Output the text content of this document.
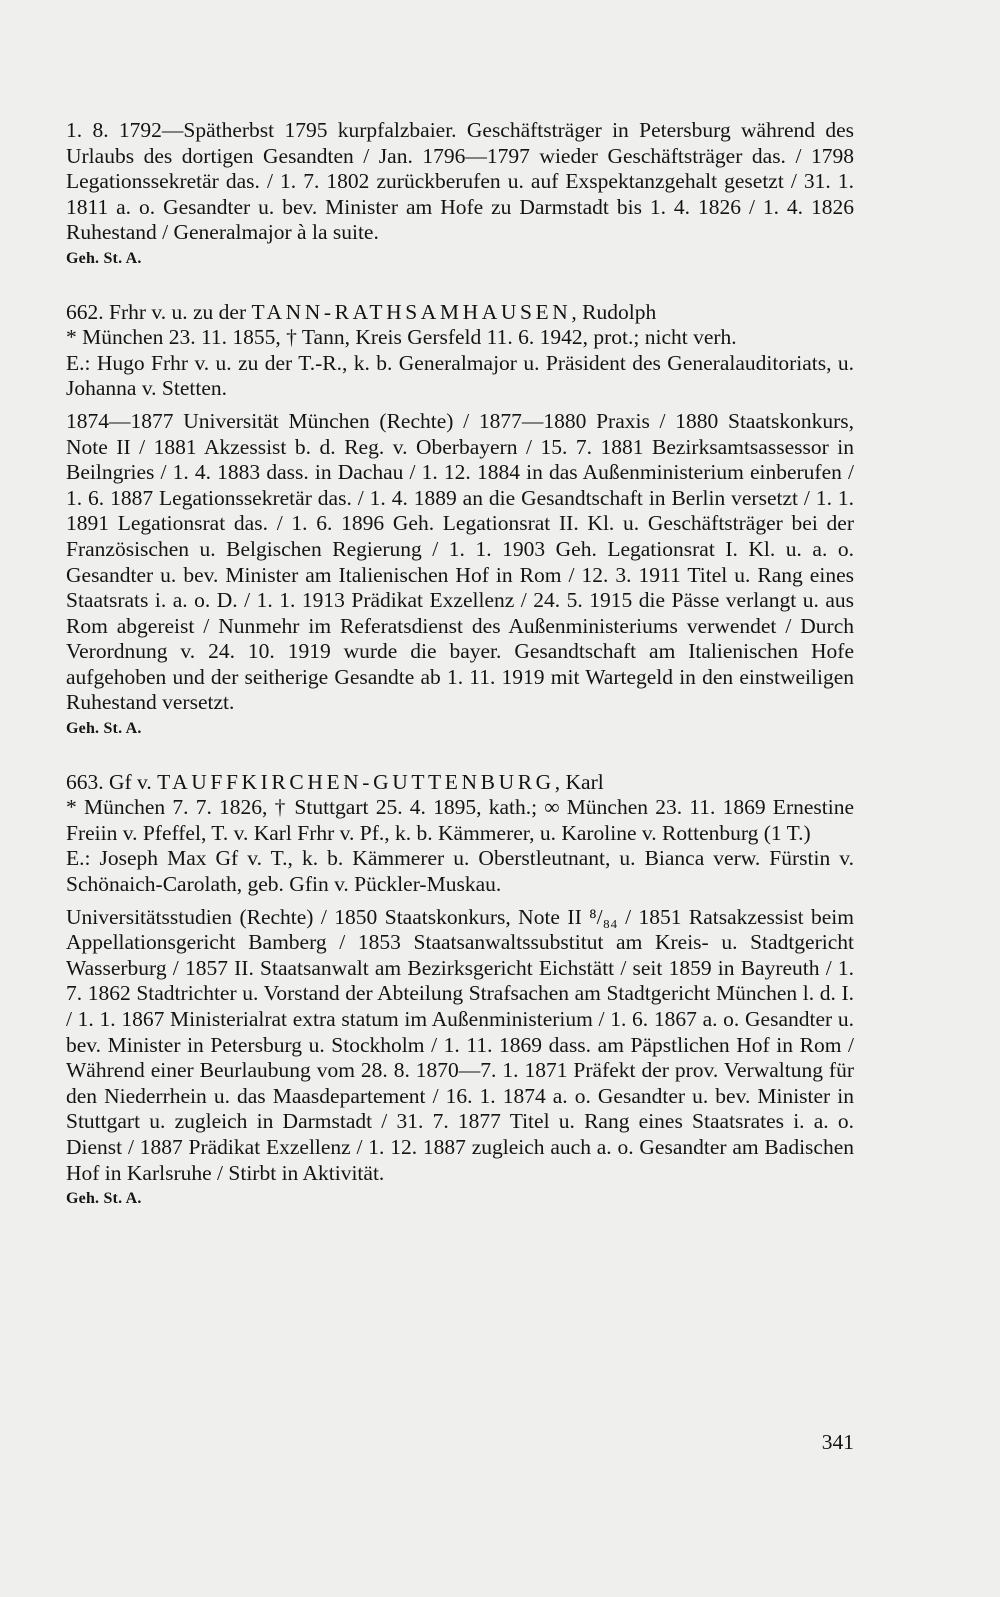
1. 8. 1792—Spätherbst 1795 kurpfalzbaier. Geschäftsträger in Petersburg während des Urlaubs des dortigen Gesandten / Jan. 1796—1797 wieder Geschäftsträger das. / 1798 Legationssekretär das. / 1. 7. 1802 zurückberufen u. auf Exspektanzgehalt gesetzt / 31. 1. 1811 a. o. Gesandter u. bev. Minister am Hofe zu Darmstadt bis 1. 4. 1826 / 1. 4. 1826 Ruhestand / Generalmajor à la suite.

Geh. St. A.

662. Frhr v. u. zu der TANN-RATHSAMHAUSEN, Rudolph

* München 23. 11. 1855, † Tann, Kreis Gersfeld 11. 6. 1942, prot.; nicht verh.

E.: Hugo Frhr v. u. zu der T.-R., k. b. Generalmajor u. Präsident des Generalauditoriats, u. Johanna v. Stetten.

1874—1877 Universität München (Rechte) / 1877—1880 Praxis / 1880 Staatskonkurs, Note II / 1881 Akzessist b. d. Reg. v. Oberbayern / 15. 7. 1881 Bezirksamtsassessor in Beilngries / 1. 4. 1883 dass. in Dachau / 1. 12. 1884 in das Außenministerium einberufen / 1. 6. 1887 Legationssekretär das. / 1. 4. 1889 an die Gesandtschaft in Berlin versetzt / 1. 1. 1891 Legationsrat das. / 1. 6. 1896 Geh. Legationsrat II. Kl. u. Geschäftsträger bei der Französischen u. Belgischen Regierung / 1. 1. 1903 Geh. Legationsrat I. Kl. u. a. o. Gesandter u. bev. Minister am Italienischen Hof in Rom / 12. 3. 1911 Titel u. Rang eines Staatsrats i. a. o. D. / 1. 1. 1913 Prädikat Exzellenz / 24. 5. 1915 die Pässe verlangt u. aus Rom abgereist / Nunmehr im Referatsdienst des Außenministeriums verwendet / Durch Verordnung v. 24. 10. 1919 wurde die bayer. Gesandtschaft am Italienischen Hofe aufgehoben und der seitherige Gesandte ab 1. 11. 1919 mit Wartegeld in den einstweiligen Ruhestand versetzt.

Geh. St. A.

663. Gf v. TAUFFKIRCHEN-GUTTENBURG, Karl

* München 7. 7. 1826, † Stuttgart 25. 4. 1895, kath.; ∞ München 23. 11. 1869 Ernestine Freiin v. Pfeffel, T. v. Karl Frhr v. Pf., k. b. Kämmerer, u. Karoline v. Rottenburg (1 T.)

E.: Joseph Max Gf v. T., k. b. Kämmerer u. Oberstleutnant, u. Bianca verw. Fürstin v. Schönaich-Carolath, geb. Gfin v. Pückler-Muskau.

Universitätsstudien (Rechte) / 1850 Staatskonkurs, Note II ⁸/₈₄ / 1851 Ratsakzessist beim Appellationsgericht Bamberg / 1853 Staatsanwaltssubstitut am Kreis- u. Stadtgericht Wasserburg / 1857 II. Staatsanwalt am Bezirksgericht Eichstätt / seit 1859 in Bayreuth / 1. 7. 1862 Stadtrichter u. Vorstand der Abteilung Strafsachen am Stadtgericht München l. d. I. / 1. 1. 1867 Ministerialrat extra statum im Außenministerium / 1. 6. 1867 a. o. Gesandter u. bev. Minister in Petersburg u. Stockholm / 1. 11. 1869 dass. am Päpstlichen Hof in Rom / Während einer Beurlaubung vom 28. 8. 1870—7. 1. 1871 Präfekt der prov. Verwaltung für den Niederrhein u. das Maasdepartement / 16. 1. 1874 a. o. Gesandter u. bev. Minister in Stuttgart u. zugleich in Darmstadt / 31. 7. 1877 Titel u. Rang eines Staatsrates i. a. o. Dienst / 1887 Prädikat Exzellenz / 1. 12. 1887 zugleich auch a. o. Gesandter am Badischen Hof in Karlsruhe / Stirbt in Aktivität.

Geh. St. A.

341
